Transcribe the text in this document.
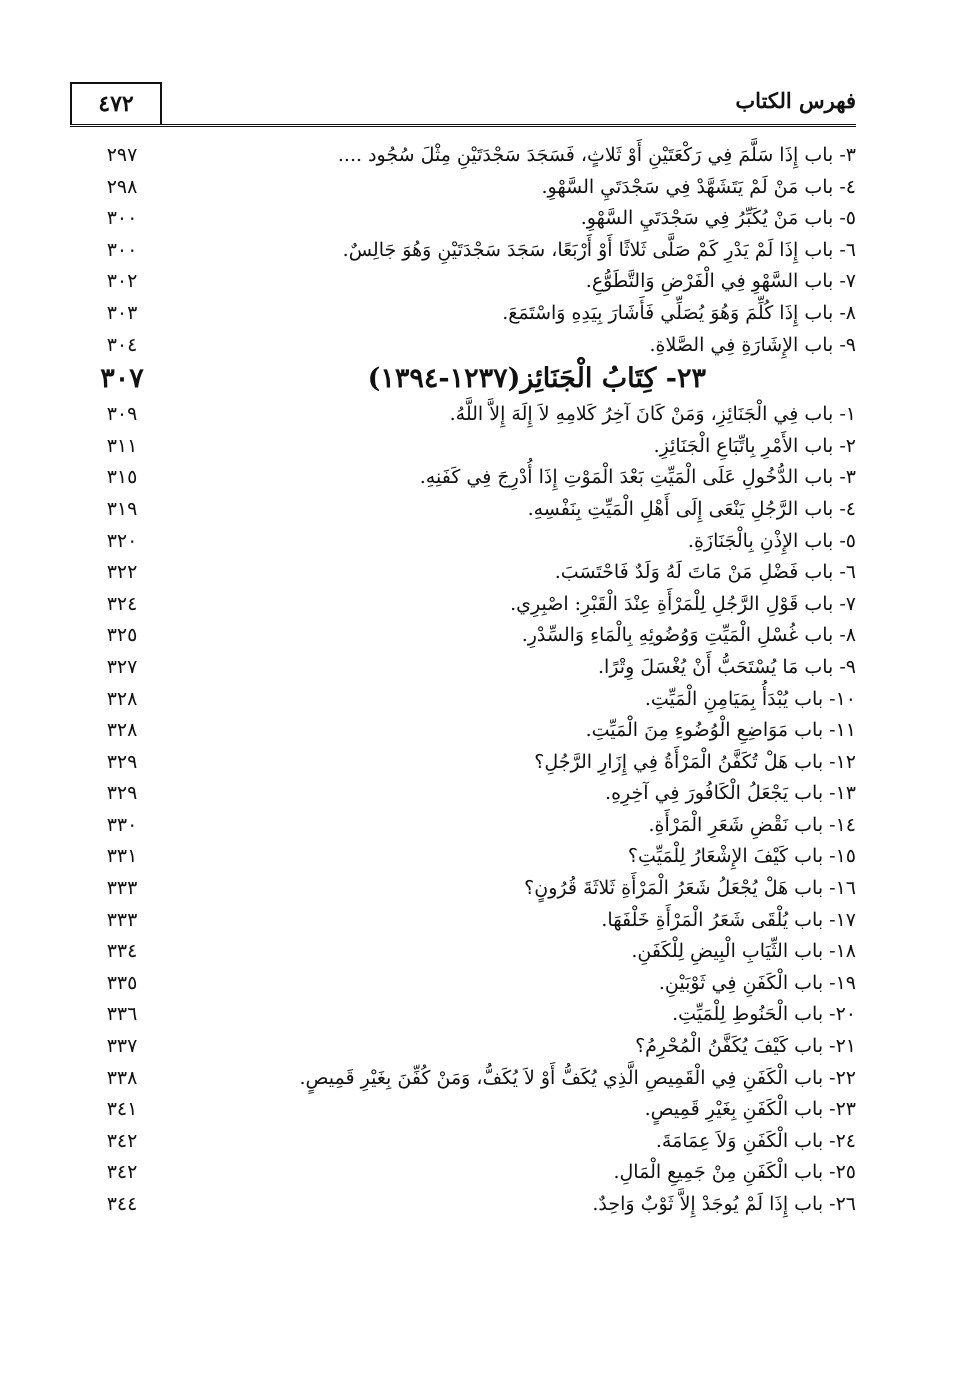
فهرس الكتاب
٤٧٢
٣- باب إِذَا سَلَّمَ فِي رَكْعَتَيْنِ أَوْ ثَلاثٍ، فَسَجَدَ سَجْدَتَيْنِ مِثْلَ سُجُود ....
٢٩٧
٤- باب مَنْ لَمْ يَتَشَهَّدْ فِي سَجْدَتَيِ السَّهْوِ.
٢٩٨
٥- باب مَنْ يُكَبِّرُ فِي سَجْدَتَيِ السَّهْوِ.
٣٠٠
٦- باب إِذَا لَمْ يَدْرِ كَمْ صَلَّى ثَلاثًا أَوْ أَرْبَعًا، سَجَدَ سَجْدَتَيْنِ وَهُوَ جَالِسٌ.
٣٠٠
٧- باب السَّهْوِ فِي الْفَرْضِ وَالتَّطَوُّعِ.
٣٠٢
٨- باب إِذَا كُلِّمَ وَهُوَ يُصَلِّي فَأَشَارَ بِيَدِهِ وَاسْتَمَعَ.
٣٠٣
٩- باب الإِشَارَةِ فِي الصَّلاةِ.
٣٠٤
٢٣- كِتَابُ الْجَنَائِز(١٢٣٧-١٣٩٤)
٣٠٧
١- باب فِي الْجَنَائِزِ، وَمَنْ كَانَ آخِرُ كَلامِهِ لاَ إِلَهَ إِلاَّ اللَّهُ.
٣٠٩
٢- باب الأَمْرِ بِاتِّبَاعِ الْجَنَائِزِ.
٣١١
٣- باب الدُّخُولِ عَلَى الْمَيِّتِ بَعْدَ الْمَوْتِ إِذَا أُدْرِجَ فِي كَفَنِهِ.
٣١٥
٤- باب الرَّجُلِ يَنْعَى إِلَى أَهْلِ الْمَيِّتِ بِنَفْسِهِ.
٣١٩
٥- باب الإِذْنِ بِالْجَنَازَةِ.
٣٢٠
٦- باب فَضْلِ مَنْ مَاتَ لَهُ وَلَدٌ فَاحْتَسَبَ.
٣٢٢
٧- باب قَوْلِ الرَّجُلِ لِلْمَرْأَةِ عِنْدَ الْقَبْرِ: اصْبِرِي.
٣٢٤
٨- باب غُسْلِ الْمَيِّتِ وَوُضُوئِهِ بِالْمَاءِ وَالسِّدْرِ.
٣٢٥
٩- باب مَا يُسْتَحَبُّ أَنْ يُغْسَلَ وِتْرًا.
٣٢٧
١٠- باب يُبْدَأُ بِمَيَامِنِ الْمَيِّتِ.
٣٢٨
١١- باب مَوَاضِعِ الْوُضُوءِ مِنَ الْمَيِّتِ.
٣٢٨
١٢- باب هَلْ تُكَفَّنُ الْمَرْأَةُ فِي إِزَارِ الرَّجُلِ؟
٣٢٩
١٣- باب يَجْعَلُ الْكَافُورَ فِي آخِرِهِ.
٣٢٩
١٤- باب نَقْضِ شَعَرِ الْمَرْأَةِ.
٣٣٠
١٥- باب كَيْفَ الإِشْعَارُ لِلْمَيِّتِ؟
٣٣١
١٦- باب هَلْ يُجْعَلُ شَعَرُ الْمَرْأَةِ ثَلاثَةَ قُرُونٍ؟
٣٣٣
١٧- باب يُلْقَى شَعَرُ الْمَرْأَةِ خَلْفَهَا.
٣٣٣
١٨- باب الثِّيَابِ الْبِيضِ لِلْكَفَنِ.
٣٣٤
١٩- باب الْكَفَنِ فِي ثَوْبَيْنِ.
٣٣٥
٢٠- باب الْحَنُوطِ لِلْمَيِّتِ.
٣٣٦
٢١- باب كَيْفَ يُكَفَّنُ الْمُحْرِمُ؟
٣٣٧
٢٢- باب الْكَفَنِ فِي الْقَمِيصِ الَّذِي يُكَفُّ أَوْ لاَ يُكَفُّ، وَمَنْ كُفِّنَ بِغَيْرِ قَمِيصٍ.
٣٣٨
٢٣- باب الْكَفَنِ بِغَيْرِ قَمِيصٍ.
٣٤١
٢٤- باب الْكَفَنِ وَلاَ عِمَامَةَ.
٣٤٢
٢٥- باب الْكَفَنِ مِنْ جَمِيعِ الْمَالِ.
٣٤٢
٢٦- باب إِذَا لَمْ يُوجَدْ إِلاَّ ثَوْبٌ وَاحِدٌ.
٣٤٤
